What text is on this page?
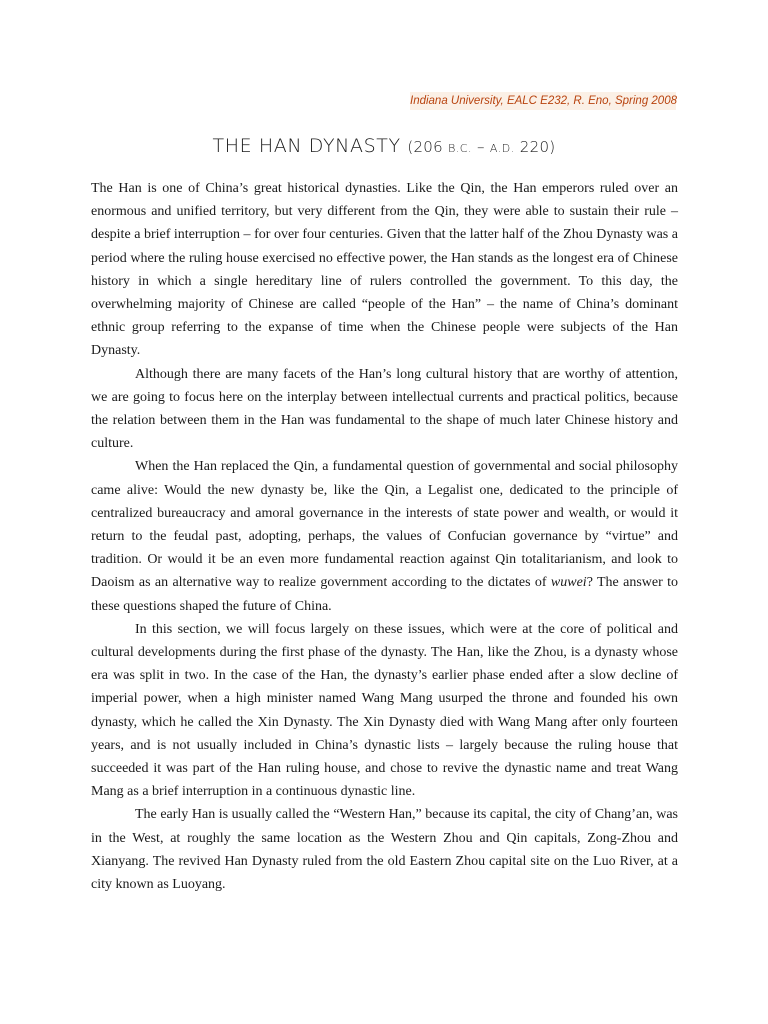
Indiana University, EALC E232, R. Eno, Spring 2008
THE HAN DYNASTY (206 B.C. – A.D. 220)

The Han is one of China’s great historical dynasties. Like the Qin, the Han emperors ruled over an enormous and unified territory, but very different from the Qin, they were able to sustain their rule – despite a brief interruption – for over four centuries. Given that the latter half of the Zhou Dynasty was a period where the ruling house exercised no effective power, the Han stands as the longest era of Chinese history in which a single hereditary line of rulers controlled the government. To this day, the overwhelming majority of Chinese are called “people of the Han” – the name of China’s dominant ethnic group referring to the expanse of time when the Chinese people were subjects of the Han Dynasty.

Although there are many facets of the Han’s long cultural history that are worthy of attention, we are going to focus here on the interplay between intellectual currents and practical politics, because the relation between them in the Han was fundamental to the shape of much later Chinese history and culture.

When the Han replaced the Qin, a fundamental question of governmental and social philosophy came alive: Would the new dynasty be, like the Qin, a Legalist one, dedicated to the principle of centralized bureaucracy and amoral governance in the interests of state power and wealth, or would it return to the feudal past, adopting, perhaps, the values of Confucian governance by “virtue” and tradition. Or would it be an even more fundamental reaction against Qin totalitarianism, and look to Daoism as an alternative way to realize government according to the dictates of wuwei? The answer to these questions shaped the future of China.

In this section, we will focus largely on these issues, which were at the core of political and cultural developments during the first phase of the dynasty. The Han, like the Zhou, is a dynasty whose era was split in two. In the case of the Han, the dynasty’s earlier phase ended after a slow decline of imperial power, when a high minister named Wang Mang usurped the throne and founded his own dynasty, which he called the Xin Dynasty. The Xin Dynasty died with Wang Mang after only fourteen years, and is not usually included in China’s dynastic lists – largely because the ruling house that succeeded it was part of the Han ruling house, and chose to revive the dynastic name and treat Wang Mang as a brief interruption in a continuous dynastic line.

The early Han is usually called the “Western Han,” because its capital, the city of Chang’an, was in the West, at roughly the same location as the Western Zhou and Qin capitals, Zong-Zhou and Xianyang. The revived Han Dynasty ruled from the old Eastern Zhou capital site on the Luo River, at a city known as Luoyang.
